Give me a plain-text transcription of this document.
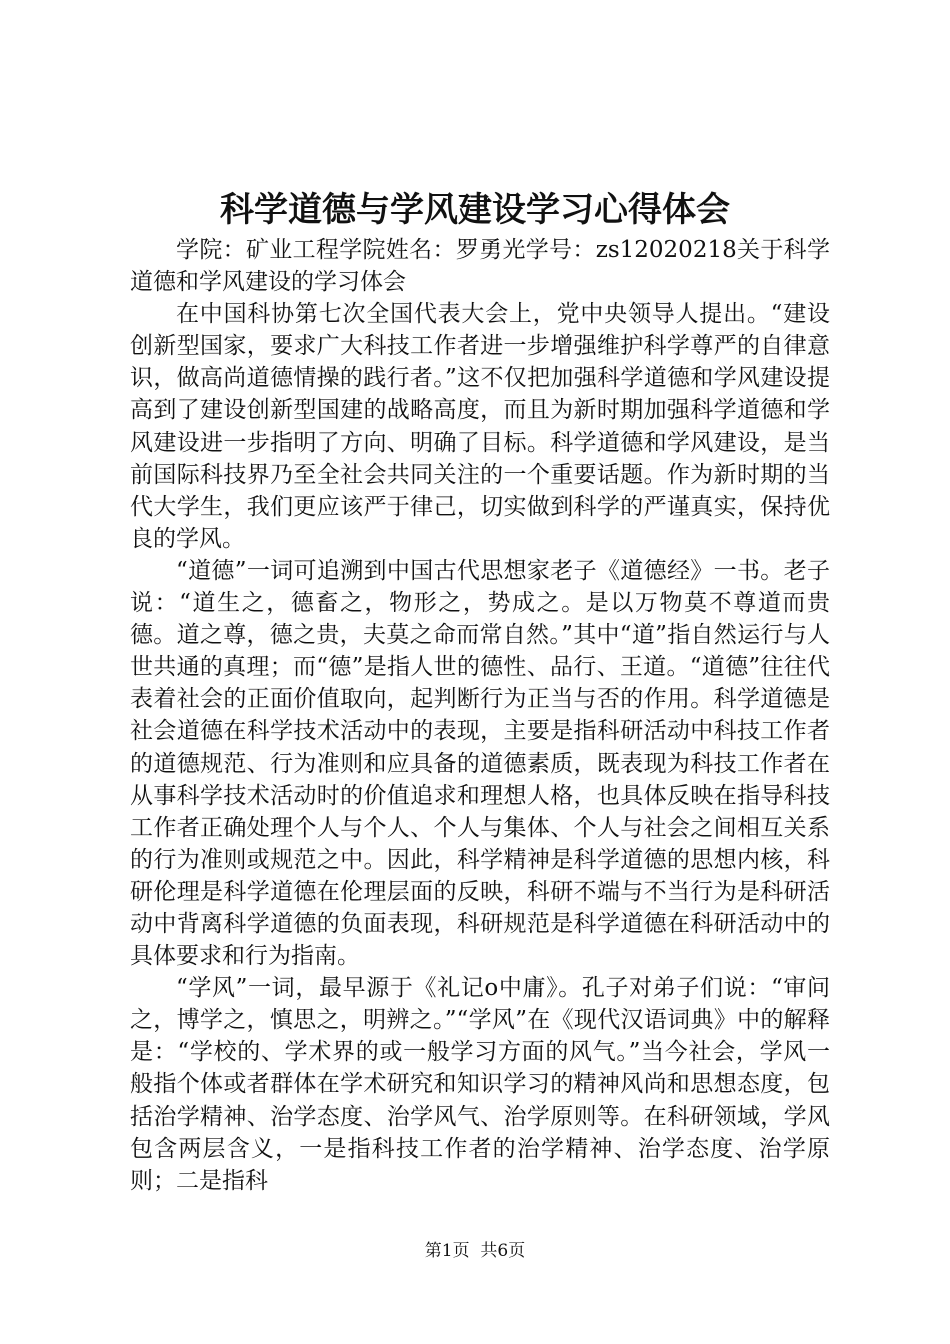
科学道德与学风建设学习心得体会

学院：矿业工程学院姓名：罗勇光学号：zs12020218关于科学道德和学风建设的学习体会

在中国科协第七次全国代表大会上，党中央领导人提出。“建设创新型国家，要求广大科技工作者进一步增强维护科学尊严的自律意识，做高尚道德情操的践行者。”这不仅把加强科学道德和学风建设提高到了建设创新型国建的战略高度，而且为新时期加强科学道德和学风建设进一步指明了方向、明确了目标。科学道德和学风建设，是当前国际科技界乃至全社会共同关注的一个重要话题。作为新时期的当代大学生，我们更应该严于律己，切实做到科学的严谨真实，保持优良的学风。

“道德”一词可追溯到中国古代思想家老子《道德经》一书。老子说：“道生之，德畜之，物形之，势成之。是以万物莫不尊道而贵德。道之尊，德之贵，夫莫之命而常自然。”其中“道”指自然运行与人世共通的真理；而“德”是指人世的德性、品行、王道。“道德”往往代表着社会的正面价值取向，起判断行为正当与否的作用。科学道德是社会道德在科学技术活动中的表现，主要是指科研活动中科技工作者的道德规范、行为准则和应具备的道德素质，既表现为科技工作者在从事科学技术活动时的价值追求和理想人格，也具体反映在指导科技工作者正确处理个人与个人、个人与集体、个人与社会之间相互关系的行为准则或规范之中。因此，科学精神是科学道德的思想内核，科研伦理是科学道德在伦理层面的反映，科研不端与不当行为是科研活动中背离科学道德的负面表现，科研规范是科学道德在科研活动中的具体要求和行为指南。

“学风”一词，最早源于《礼记o中庸》。孔子对弟子们说：“审问之，博学之，慎思之，明辨之。”“学风”在《现代汉语词典》中的解释是：“学校的、学术界的或一般学习方面的风气。”当今社会，学风一般指个体或者群体在学术研究和知识学习的精神风尚和思想态度，包括治学精神、治学态度、治学风气、治学原则等。在科研领域，学风包含两层含义，一是指科技工作者的治学精神、治学态度、治学原则；二是指科

第1页 共6页
